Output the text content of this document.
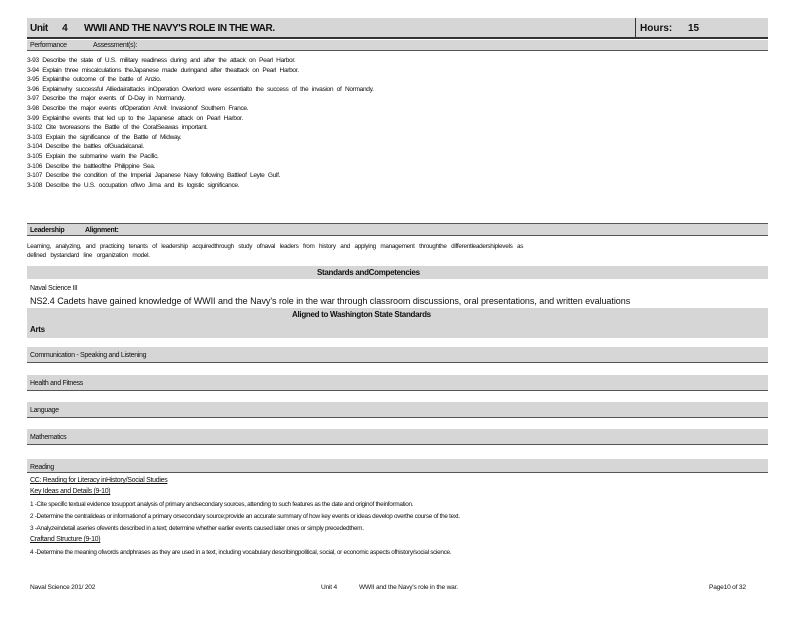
Unit 4 WWII AND THE NAVY'S ROLE IN THE WAR.	Hours: 15
Performance	Assessment(s):
3-93 Describe the state of U.S. military readiness during and after the attack on Pearl Harbor.
3-94 Explain three miscalculations theJapanese made duringand after theattack on Pearl Harbor.
3-95 Explainthe outcome of the battle of Anzio.
3-96 Explainwhy successful Alliedairattacks inOperation Overlord were essentialto the success of the invasion of Normandy.
3-97 Describe the major events of D-Day in Normandy.
3-98 Describe the major events ofOperation Anvil: Invasionof Southern France.
3-99 Explainthe events that led up to the Japanese attack on Pearl Harbor.
3-102 Cite tworeasons the Battle of the CoralSeawas important.
3-103 Explain the significance of the Battle of Midway.
3-104 Describe the battles ofGuadalcanal.
3-105 Explain the submarine warin the Pacific.
3-106 Describe the battleofthe Philippine Sea.
3-107 Describe the condition of the Imperial Japanese Navy following Battleof Leyte Gulf.
3-108 Describe the U.S. occupation ofIwo Jima and its logistic significance.
Leadership	Alignment:
Learning, analyzing, and practicing tenants of leadership acquiredthrough study ofnaval leaders from history and applying management throughthe differentleadershiplevels as
defined bystandard line organization model.
Standards andCompetencies
Naval Science III
NS2.4 Cadets have gained knowledge of WWII and the Navy's role in the war through classroom discussions, oral presentations, and written evaluations
Aligned to Washington State Standards
Arts
Communication - Speaking and Listening
Health and Fitness
Language
Mathematics
Reading
CC: Reading for Literacy inHistory/Social Studies
Key Ideas and Details (9-10)
1 -Cite specific textual evidence tosupport analysis of primary andsecondary sources, attending to such features as the date and originof theinformation.
2 -Determine the centralideas or informationof a primary orsecondary source;provide an accurate summary of how key events or ideas develop overthe course of the text.
3 -Analyzeindetail aseries ofevents described in a text; determine whether earlier events caused later ones or simply precededthem.
Craftand Structure (9-10)
4 -Determine the meaning ofwords andphrases as they are used in a text, including vocabulary describingpolitical, social, or economic aspects ofhistory/social science.
Naval Science 201/ 202	Unit 4	WWII and the Navy's role in the war.	Page10 of 32
